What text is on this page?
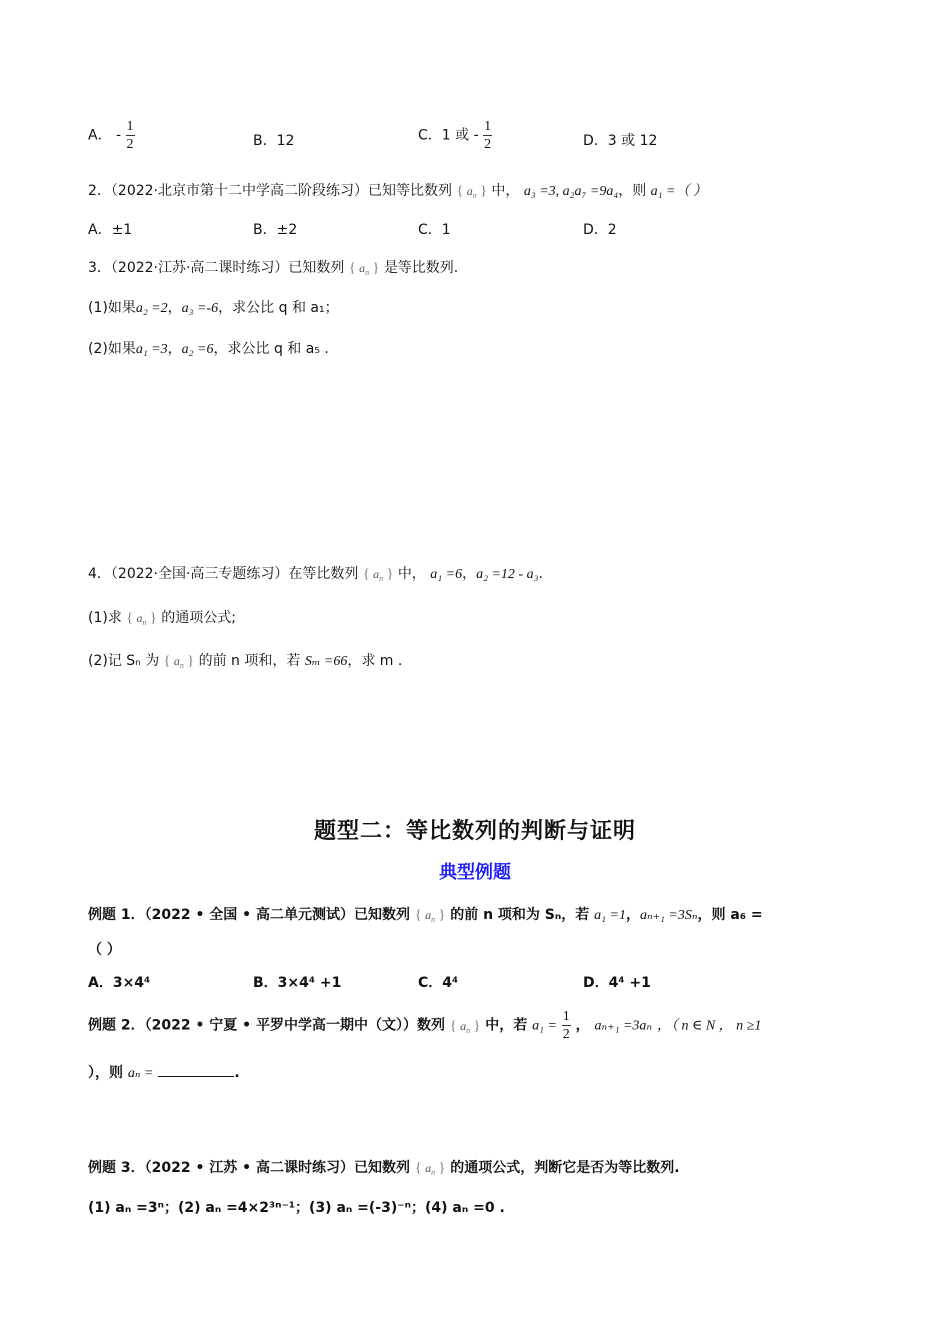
A． - $\frac{1}{2}$	B．12	C．1 或 - $\frac{1}{2}$	D．3 或 12
2．（2022·北京市第十二中学高二阶段练习）已知等比数列 { $a_n$ } 中， a₃ =3, a₂a₇ =9a₄，则 a₁ =（ ）
A．±1	B．±2	C．1	D．2
3．（2022·江苏·高二课时练习）已知数列 { $a_n$ } 是等比数列.
(1)如果a₂ =2，a₃ =-6，求公比 q 和 a₁；
(2)如果a₁ =3，a₂ =6，求公比 q 和 a₅ .
4．（2022·全国·高三专题练习）在等比数列 { $a_n$ } 中， a₁ =6，a₂ =12 - a₃.
(1)求 { $a_n$ } 的通项公式;
(2)记 Sₙ 为 { $a_n$ } 的前 n 项和，若 Sₘ =66，求 m .
题型二：等比数列的判断与证明
典型例题
例题 1．（2022 • 全国 • 高二单元测试）已知数列 { $a_n$ } 的前 n 项和为 Sₙ，若 a₁ =1，aₙ₊₁ =3Sₙ，则 a₆ =
（ ）
A．3×4⁴	B．3×4⁴ +1	C．4⁴	D．4⁴ +1
例题 2．（2022 • 宁夏 • 平罗中学高一期中（文））数列 { $a_n$ } 中，若 $a_1 = \frac{1}{2}$ ， aₙ₊₁ =3aₙ ，（ n ∈ N ， n ≥1
），则 aₙ =	.
例题 3．（2022 • 江苏 • 高二课时练习）已知数列 { $a_n$ } 的通项公式，判断它是否为等比数列.
(1) aₙ =3ⁿ；(2) aₙ =4×2³ⁿ⁻¹；(3) aₙ =(-3)⁻ⁿ；(4) aₙ =0 .
